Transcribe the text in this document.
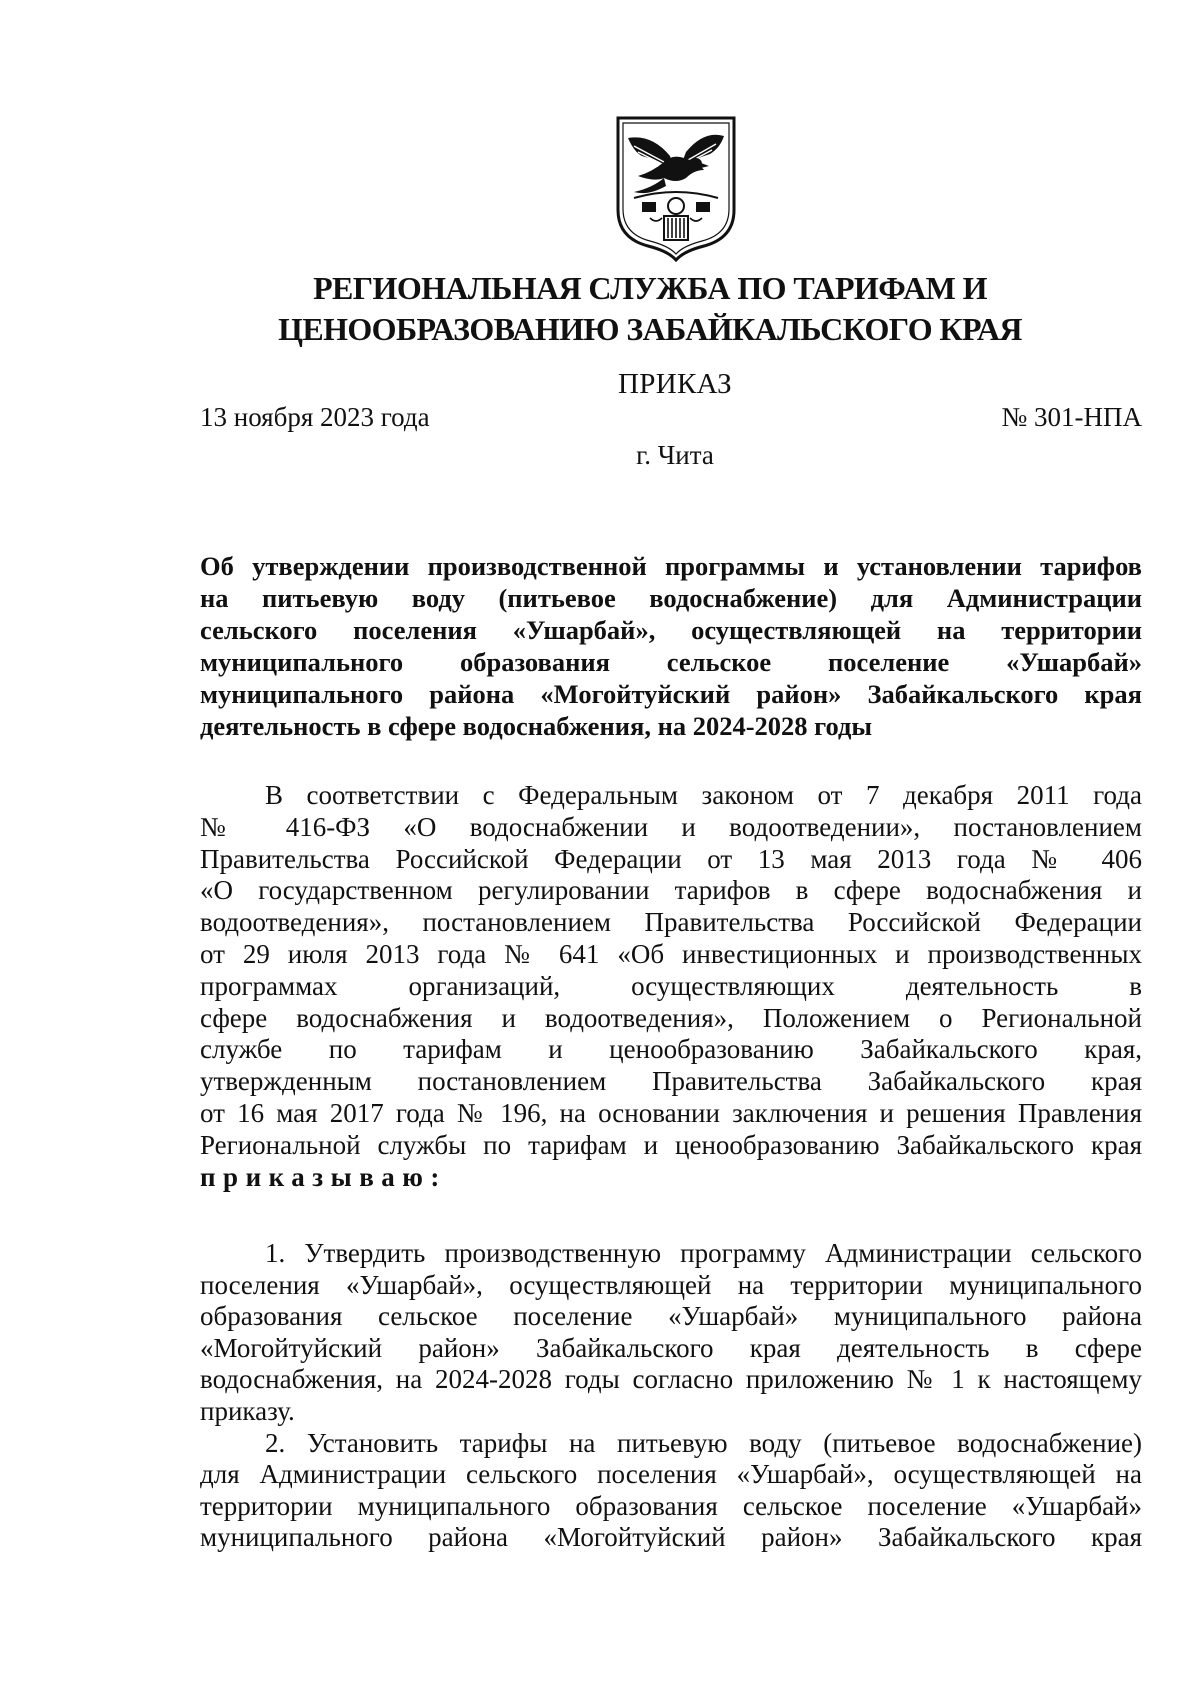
РЕГИОНАЛЬНАЯ СЛУЖБА ПО ТАРИФАМ И
ЦЕНООБРАЗОВАНИЮ ЗАБАЙКАЛЬСКОГО КРАЯ
ПРИКАЗ
13 ноября 2023 года	№ 301-НПА
г. Чита
Об утверждении производственной программы и установлении тарифов
на питьевую воду (питьевое водоснабжение) для Администрации
сельского поселения «Ушарбай», осуществляющей на территории
муниципального образования сельское поселение «Ушарбай»
муниципального района «Могойтуйский район» Забайкальского края
деятельность в сфере водоснабжения, на 2024-2028 годы
В соответствии с Федеральным законом от 7 декабря 2011 года
№ 416-ФЗ «О водоснабжении и водоотведении», постановлением
Правительства Российской Федерации от 13 мая 2013 года № 406
«О государственном регулировании тарифов в сфере водоснабжения и
водоотведения», постановлением Правительства Российской Федерации
от 29 июля 2013 года № 641 «Об инвестиционных и производственных
программах организаций, осуществляющих деятельность в
сфере водоснабжения и водоотведения», Положением о Региональной
службе по тарифам и ценообразованию Забайкальского края,
утвержденным постановлением Правительства Забайкальского края
от 16 мая 2017 года № 196, на основании заключения и решения Правления
Региональной службы по тарифам и ценообразованию Забайкальского края
приказываю:
1. Утвердить производственную программу Администрации сельского
поселения «Ушарбай», осуществляющей на территории муниципального
образования сельское поселение «Ушарбай» муниципального района
«Могойтуйский район» Забайкальского края деятельность в сфере
водоснабжения, на 2024-2028 годы согласно приложению № 1 к настоящему
приказу.
2. Установить тарифы на питьевую воду (питьевое водоснабжение)
для Администрации сельского поселения «Ушарбай», осуществляющей на
территории муниципального образования сельское поселение «Ушарбай»
муниципального района «Могойтуйский район» Забайкальского края
